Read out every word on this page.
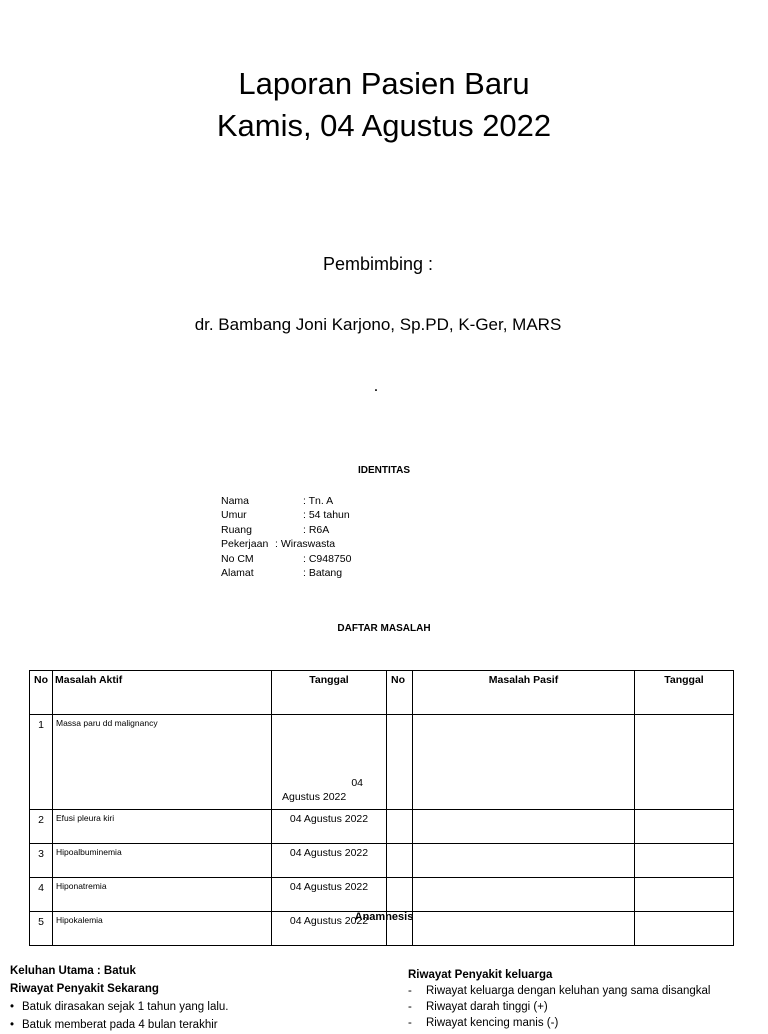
Laporan Pasien Baru
Kamis, 04 Agustus 2022
Pembimbing :
dr. Bambang Joni Karjono, Sp.PD, K-Ger, MARS
.
IDENTITAS
Nama	: Tn. A
Umur	: 54 tahun
Ruang	: R6A
Pekerjaan : Wiraswasta
No CM	: C948750
Alamat	: Batang
DAFTAR MASALAH
No	Masalah Aktif	Tanggal	No	Masalah Pasif	Tanggal
1	Massa paru dd malignancy	04
Agustus 2022			

2	Efusi pleura kiri	04 Agustus 2022			
3	Hipoalbuminemia	04 Agustus 2022			
4	Hiponatremia	04 Agustus 2022			
5	Hipokalemia	04 Agustus 2022			
Anamnesis
Keluhan Utama : Batuk
Riwayat Penyakit Sekarang
• Batuk dirasakan sejak 1 tahun yang lalu.
• Batuk memberat pada 4 bulan terakhir
Riwayat Penyakit keluarga
- Riwayat keluarga dengan keluhan yang sama disangkal
- Riwayat darah tinggi (+)
- Riwayat kencing manis (-)
